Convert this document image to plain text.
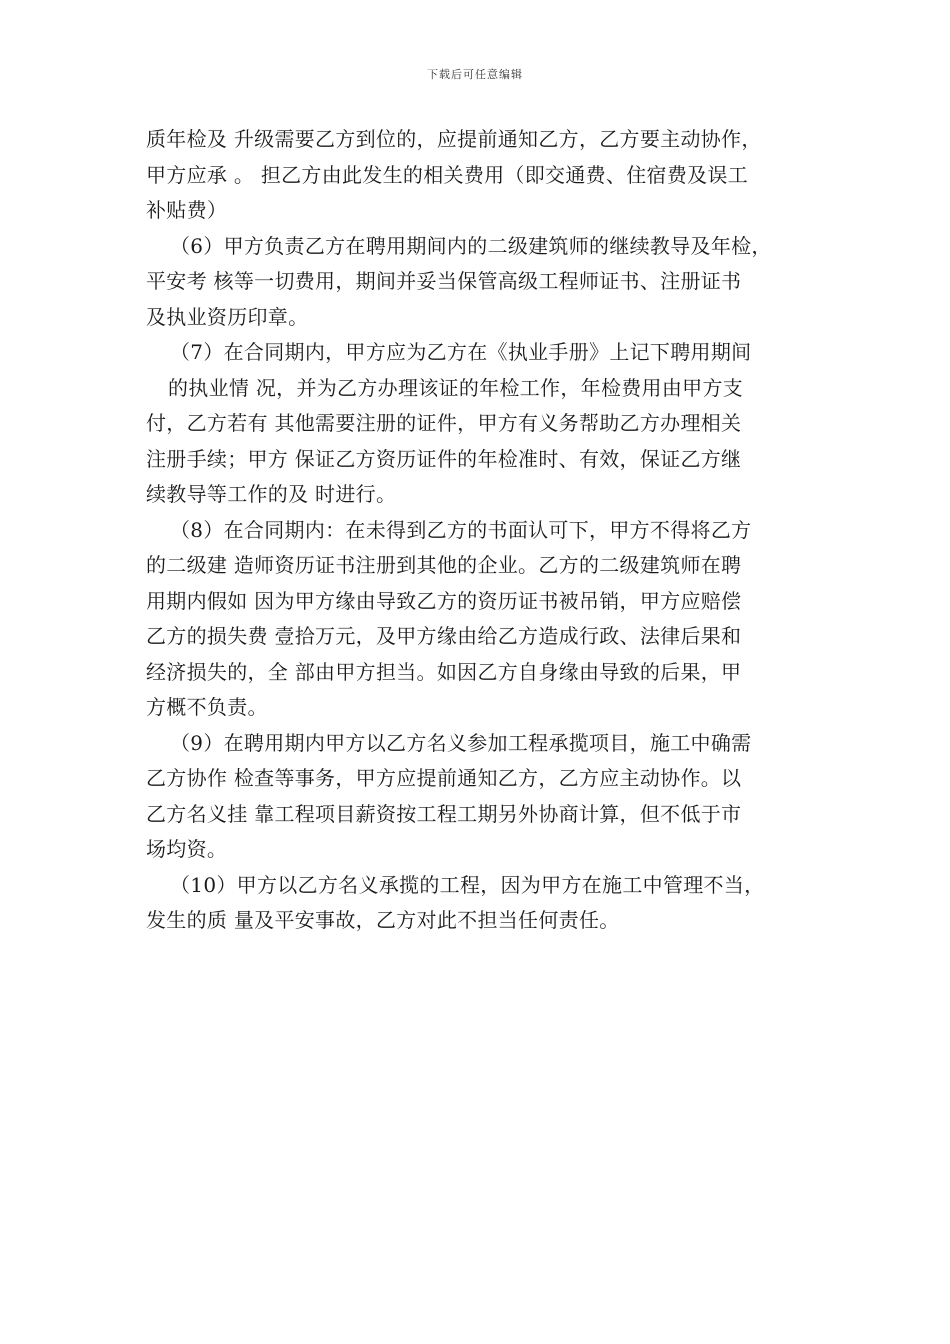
下载后可任意编辑
质年检及 升级需要乙方到位的，应提前通知乙方，乙方要主动协作，
甲方应承 。 担乙方由此发生的相关费用（即交通费、住宿费及误工
补贴费）
（6）甲方负责乙方在聘用期间内的二级建筑师的继续教导及年检，
平安考 核等一切费用，期间并妥当保管高级工程师证书、注册证书
及执业资历印章。
（7）在合同期内，甲方应为乙方在《执业手册》上记下聘用期间
的执业情 况，并为乙方办理该证的年检工作，年检费用由甲方支
付，乙方若有 其他需要注册的证件，甲方有义务帮助乙方办理相关
注册手续；甲方 保证乙方资历证件的年检准时、有效，保证乙方继
续教导等工作的及 时进行。
（8）在合同期内：在未得到乙方的书面认可下，甲方不得将乙方
的二级建 造师资历证书注册到其他的企业。乙方的二级建筑师在聘
用期内假如 因为甲方缘由导致乙方的资历证书被吊销，甲方应赔偿
乙方的损失费 壹拾万元，及甲方缘由给乙方造成行政、法律后果和
经济损失的，全 部由甲方担当。如因乙方自身缘由导致的后果，甲
方概不负责。
（9）在聘用期内甲方以乙方名义参加工程承揽项目，施工中确需
乙方协作 检查等事务，甲方应提前通知乙方，乙方应主动协作。以
乙方名义挂 靠工程项目薪资按工程工期另外协商计算，但不低于市
场均资。
（10）甲方以乙方名义承揽的工程，因为甲方在施工中管理不当，
发生的质 量及平安事故，乙方对此不担当任何责任。
